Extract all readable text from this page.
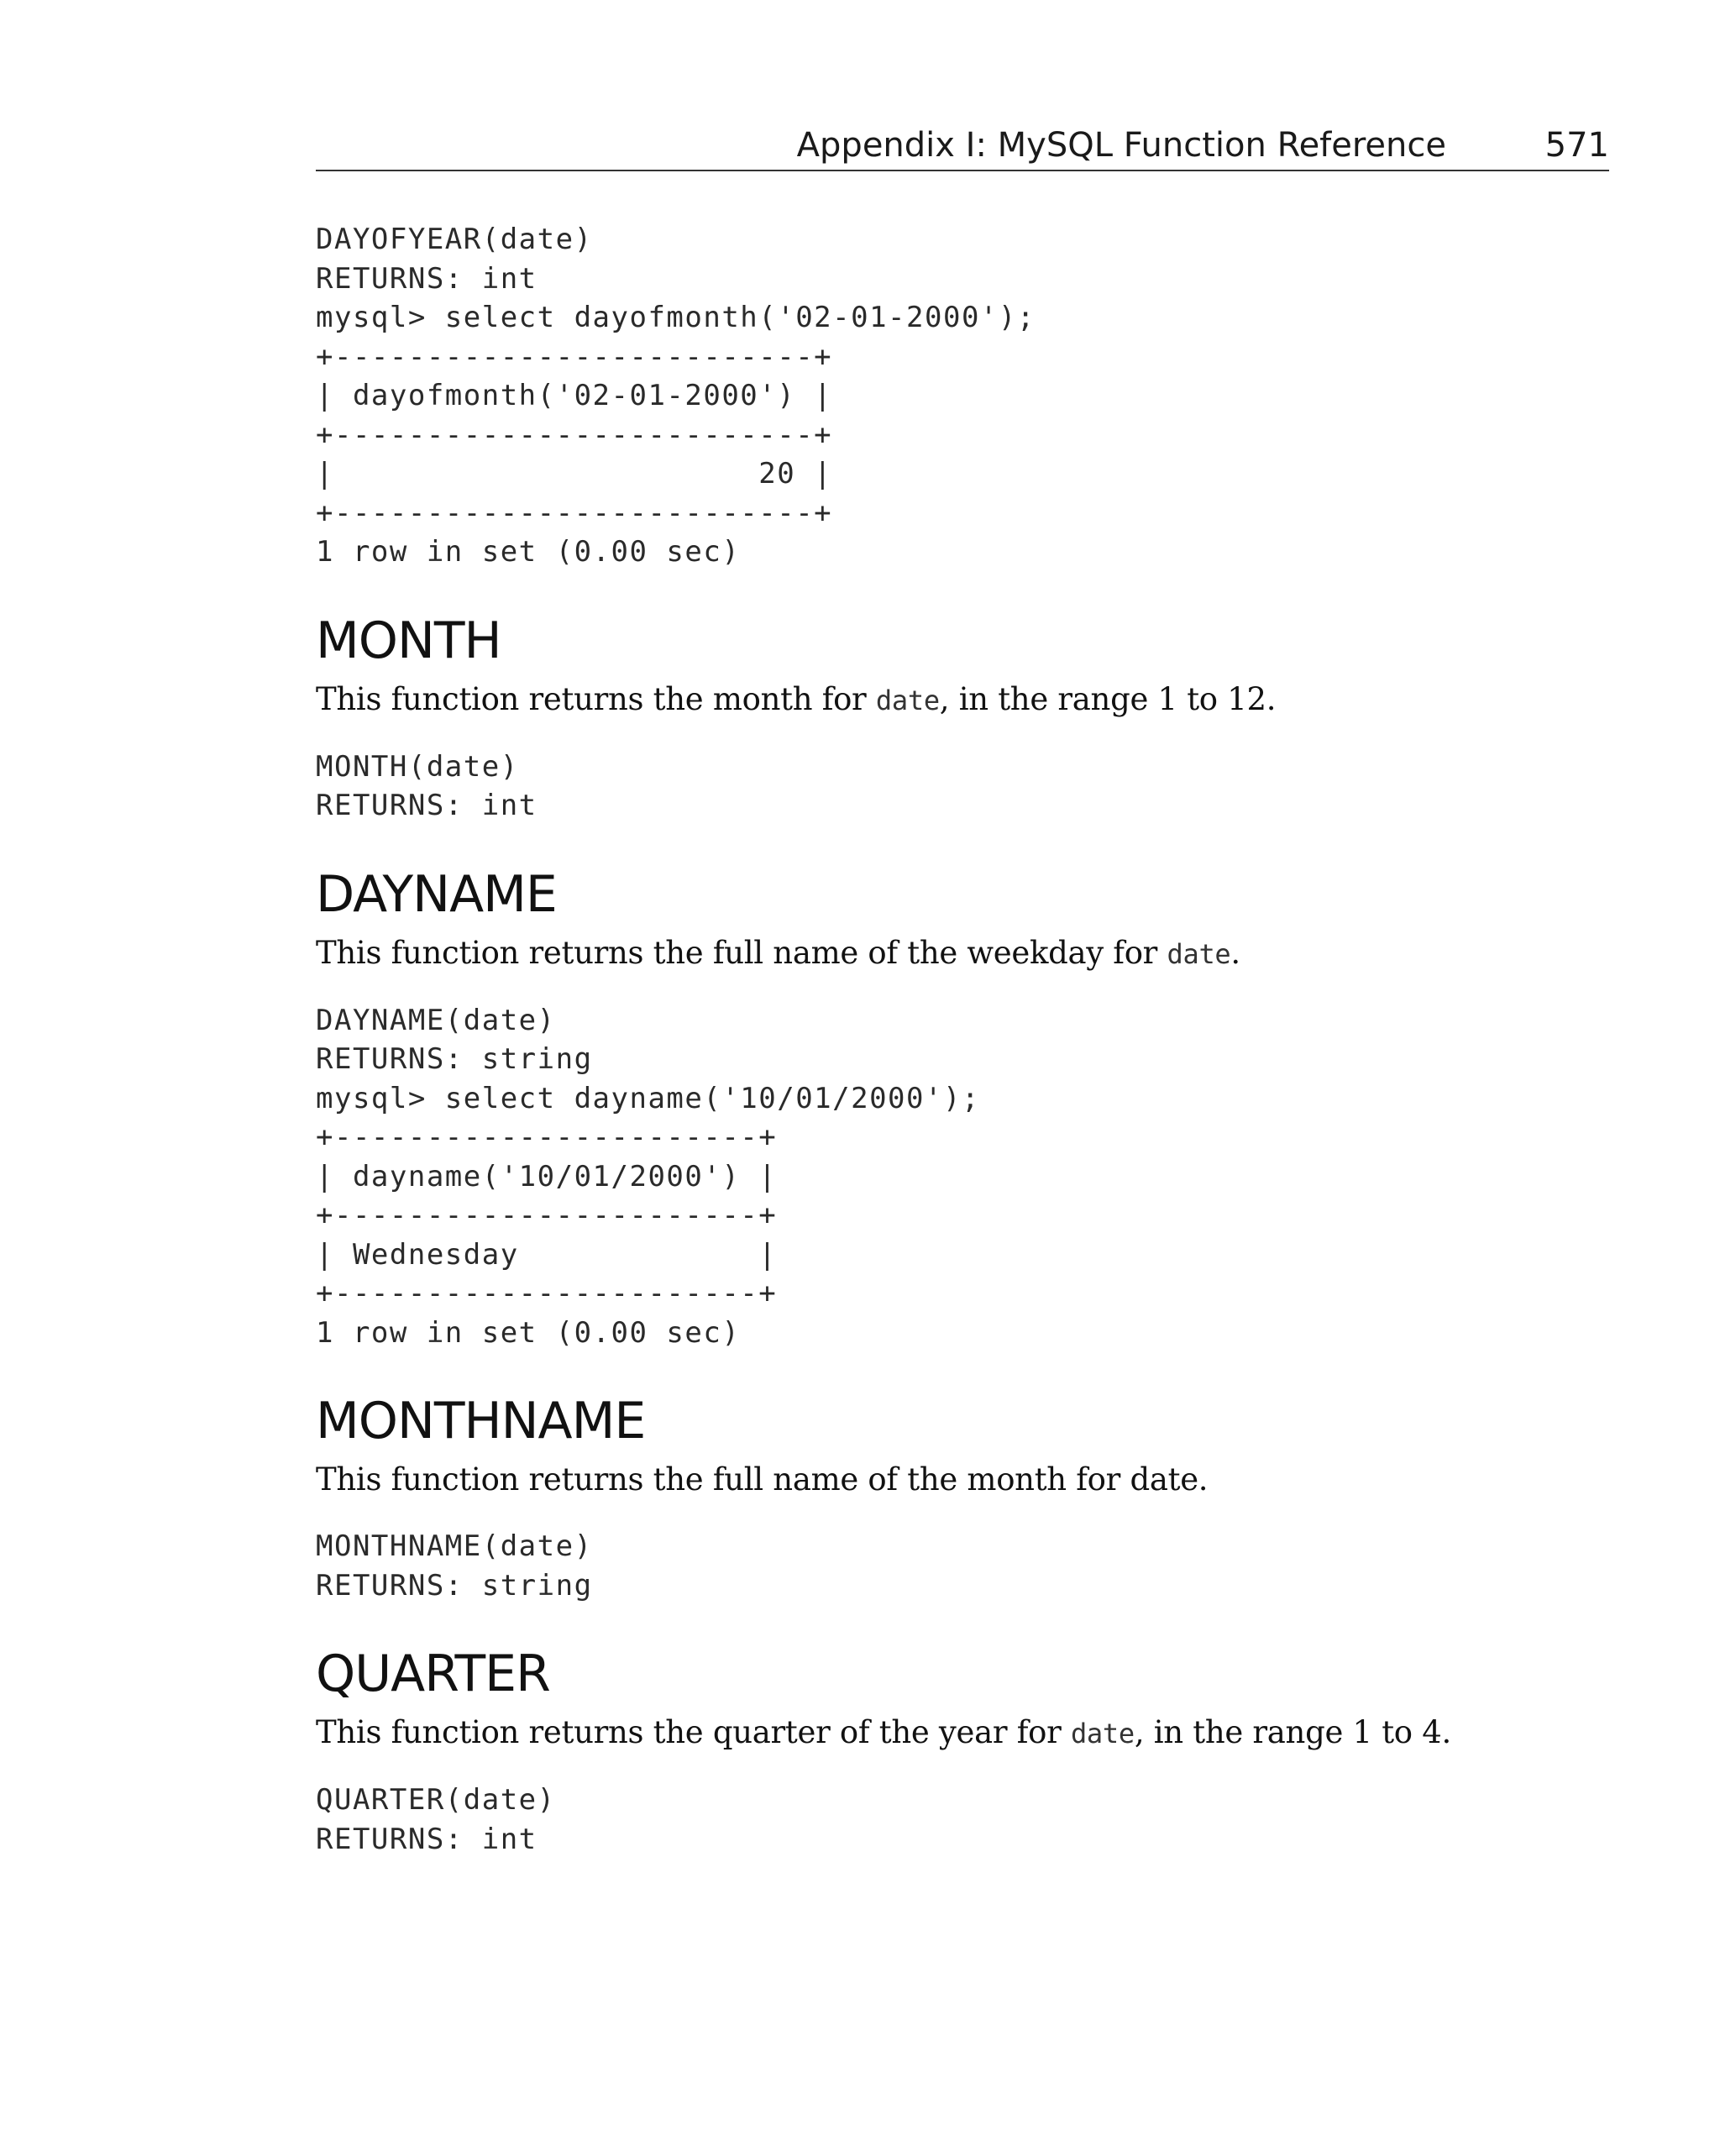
Appendix I: MySQL Function Reference	571
DAYOFYEAR(date)
RETURNS: int
mysql> select dayofmonth('02-01-2000');
+--------------------------+
| dayofmonth('02-01-2000') |
+--------------------------+
|                       20 |
+--------------------------+
1 row in set (0.00 sec)
MONTH

This function returns the month for date, in the range 1 to 12.

MONTH(date)
RETURNS: int
DAYNAME

This function returns the full name of the weekday for date.

DAYNAME(date)
RETURNS: string
mysql> select dayname('10/01/2000');
+-----------------------+
| dayname('10/01/2000') |
+-----------------------+
| Wednesday             |
+-----------------------+
1 row in set (0.00 sec)
MONTHNAME

This function returns the full name of the month for date.

MONTHNAME(date)
RETURNS: string
QUARTER

This function returns the quarter of the year for date, in the range 1 to 4.

QUARTER(date)
RETURNS: int
